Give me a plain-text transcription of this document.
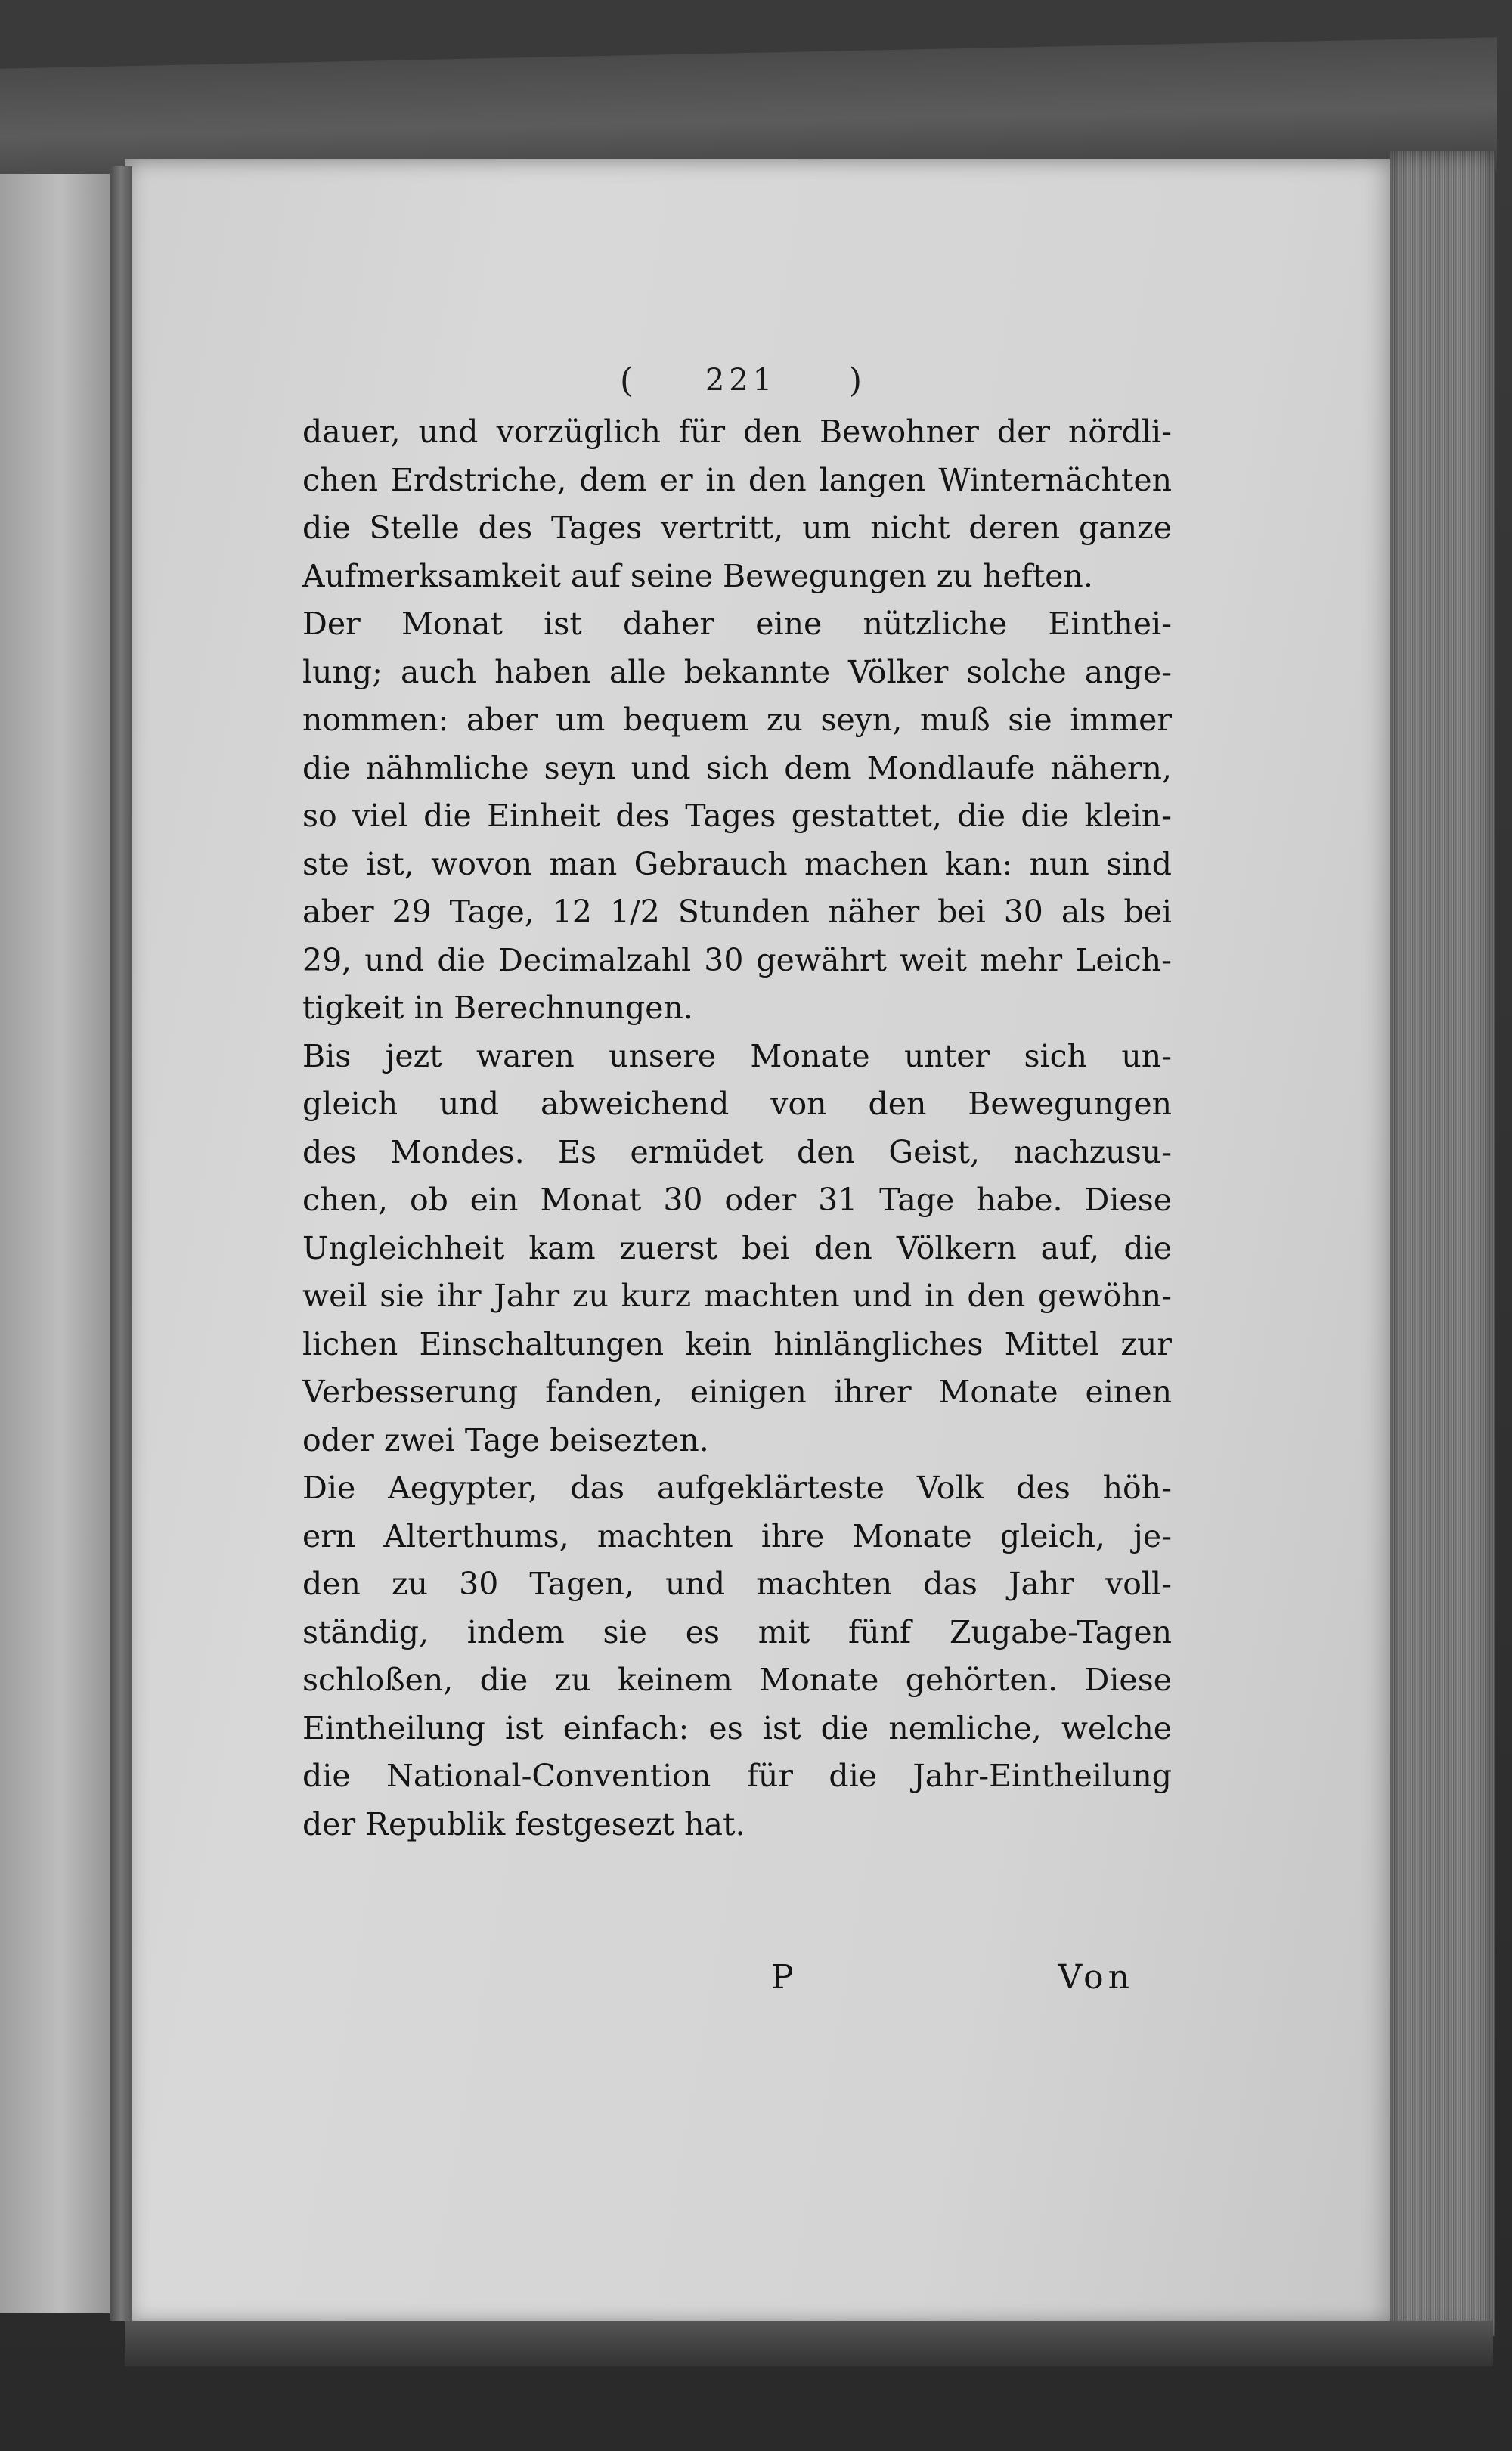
( 221 )
dauer, und vorzüglich für den Bewohner der nördli-
chen Erdstriche, dem er in den langen Winternächten
die Stelle des Tages vertritt, um nicht deren ganze
Aufmerksamkeit auf seine Bewegungen zu heften.
Der Monat ist daher eine nützliche Einthei-
lung; auch haben alle bekannte Völker solche ange-
nommen: aber um bequem zu seyn, muß sie immer
die nähmliche seyn und sich dem Mondlaufe nähern,
so viel die Einheit des Tages gestattet, die die klein-
ste ist, wovon man Gebrauch machen kan: nun sind
aber 29 Tage, 12 1/2 Stunden näher bei 30 als bei
29, und die Decimalzahl 30 gewährt weit mehr Leich-
tigkeit in Berechnungen.
Bis jezt waren unsere Monate unter sich un-
gleich und abweichend von den Bewegungen
des Mondes. Es ermüdet den Geist, nachzusu-
chen, ob ein Monat 30 oder 31 Tage habe. Diese
Ungleichheit kam zuerst bei den Völkern auf, die
weil sie ihr Jahr zu kurz machten und in den gewöhn-
lichen Einschaltungen kein hinlängliches Mittel zur
Verbesserung fanden, einigen ihrer Monate einen
oder zwei Tage beisezten.
Die Aegypter, das aufgeklärteste Volk des höh-
ern Alterthums, machten ihre Monate gleich, je-
den zu 30 Tagen, und machten das Jahr voll-
ständig, indem sie es mit fünf Zugabe-Tagen
schloßen, die zu keinem Monate gehörten. Diese
Eintheilung ist einfach: es ist die nemliche, welche
die National-Convention für die Jahr-Eintheilung
der Republik festgesezt hat.
P	Von
